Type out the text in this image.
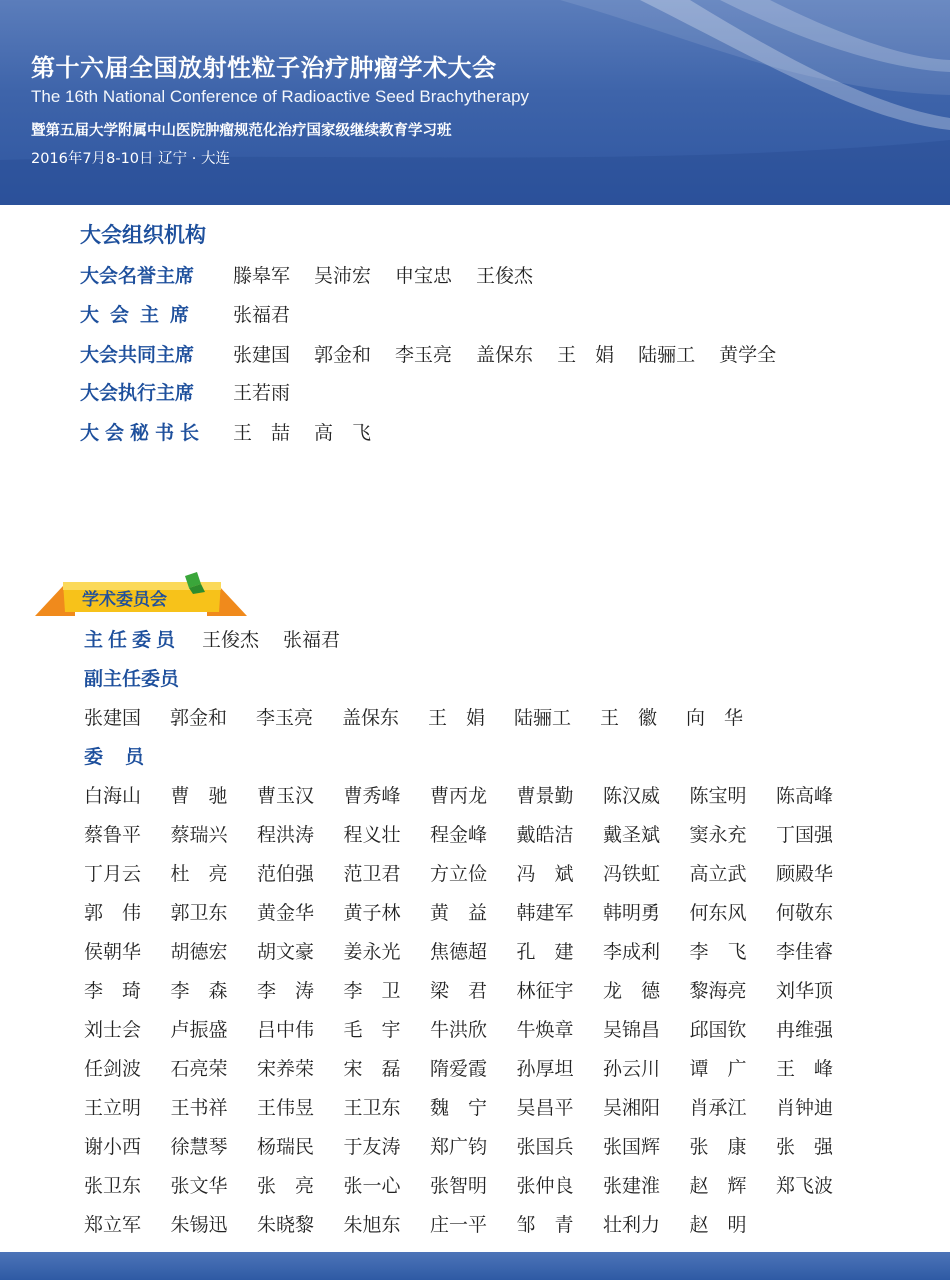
第十六届全国放射性粒子治疗肿瘤学术大会
The 16th National Conference of Radioactive Seed Brachytherapy
暨第五届大学附属中山医院肿瘤规范化治疗国家级继续教育学习班
2016年7月8-10日 辽宁 · 大连
大会组织机构
大会名誉主席	滕皋军 吴沛宏 申宝忠 王俊杰
大会主席	张福君
大会共同主席	张建国 郭金和 李玉亮 盖保东 王　娟 陆骊工 黄学全
大会执行主席	王若雨
大会秘书长	王　喆 高　飞
学术委员会
主任委员 王俊杰 张福君
副主任委员
张建国 郭金和 李玉亮 盖保东 王　娟 陆骊工 王　徽 向　华
委员
白海山	曹驰 曹玉汉	曹秀峰	曹丙龙	曹景勤	陈汉威	陈宝明	陈高峰
蔡鲁平	蔡瑞兴	程洪涛	程义壮	程金峰	戴皓洁	戴圣斌	窦永充	丁国强
丁月云	杜亮 范伯强	范卫君	方立俭	冯斌 冯铁虹	高立武	顾殿华
郭伟 郭卫东	黄金华	黄子林	黄益 韩建军	韩明勇	何东风	何敬东
侯朝华	胡德宏	胡文豪	姜永光	焦德超	孔建 李成利	李飞 李佳睿
李琦 李森 李涛 李卫 梁君 林征宇	龙德 黎海亮	刘华顶
刘士会	卢振盛	吕中伟	毛宇 牛洪欣	牛焕章	吴锦昌	邱国钦	冉维强
任剑波	石亮荣	宋养荣	宋磊 隋爱霞	孙厚坦	孙云川	谭广 王峰
王立明	王书祥	王伟昱	王卫东	魏宁 吴昌平	吴湘阳	肖承江	肖钟迪
谢小西	徐慧琴	杨瑞民	于友涛	郑广钧	张国兵	张国辉	张康 张强
张卫东	张文华	张亮 张一心	张智明	张仲良	张建淮	赵辉 郑飞波
郑立军	朱锡迅	朱晓黎	朱旭东	庄一平	邹青 壮利力	赵明
